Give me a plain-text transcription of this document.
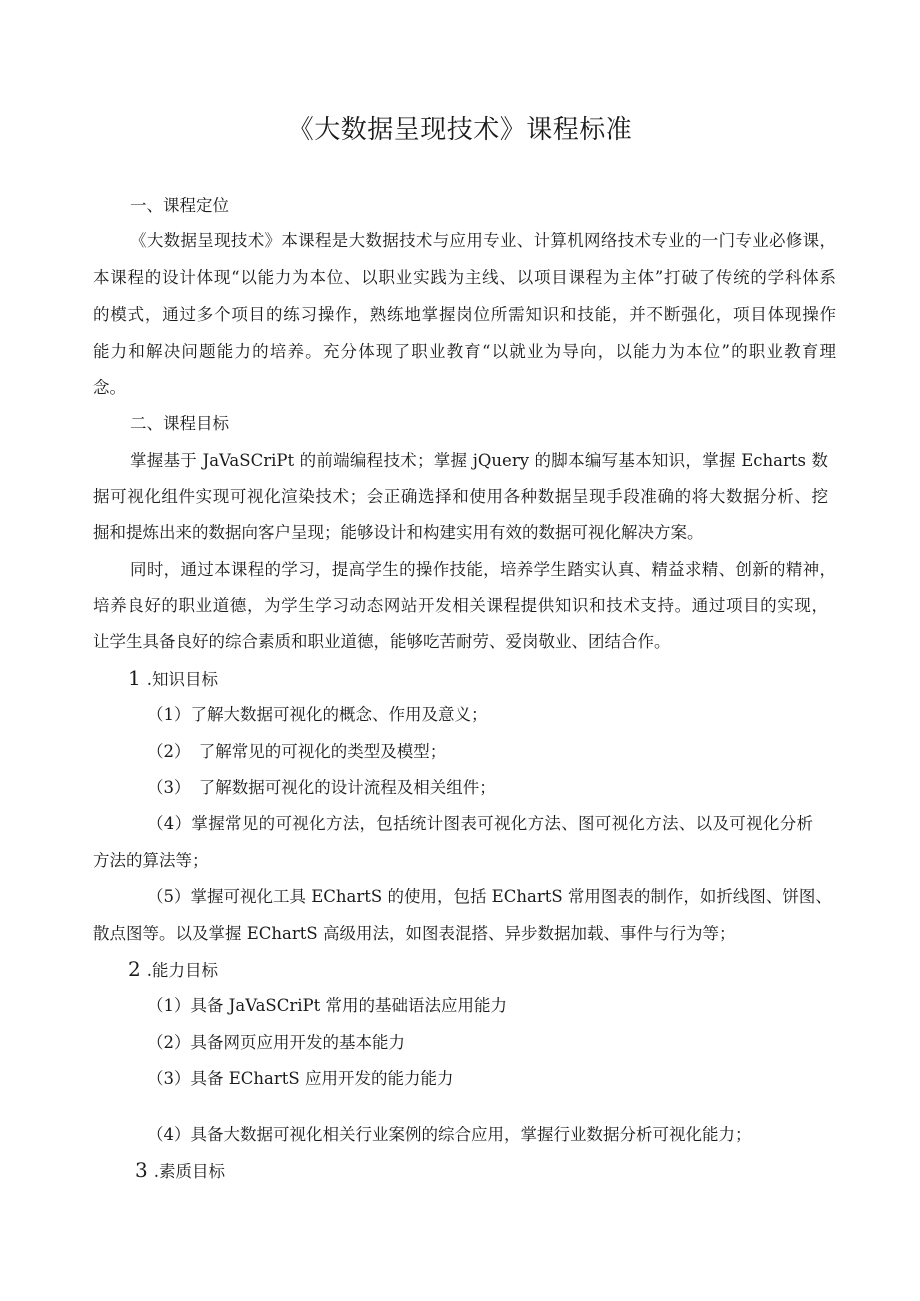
《大数据呈现技术》课程标准
一、课程定位
《大数据呈现技术》本课程是大数据技术与应用专业、计算机网络技术专业的一门专业必修课，
本课程的设计体现“以能力为本位、以职业实践为主线、以项目课程为主体”打破了传统的学科体系
的模式，通过多个项目的练习操作，熟练地掌握岗位所需知识和技能，并不断强化，项目体现操作
能力和解决问题能力的培养。充分体现了职业教育“以就业为导向，以能力为本位”的职业教育理
念。
二、课程目标
掌握基于 JaVaSCriPt 的前端编程技术；掌握 jQuery 的脚本编写基本知识，掌握 Echarts 数
据可视化组件实现可视化渲染技术；会正确选择和使用各种数据呈现手段准确的将大数据分析、挖
掘和提炼出来的数据向客户呈现；能够设计和构建实用有效的数据可视化解决方案。
同时，通过本课程的学习，提高学生的操作技能，培养学生踏实认真、精益求精、创新的精神，
培养良好的职业道德，为学生学习动态网站开发相关课程提供知识和技术支持。通过项目的实现，
让学生具备良好的综合素质和职业道德，能够吃苦耐劳、爱岗敬业、团结合作。
1 .知识目标
（1）了解大数据可视化的概念、作用及意义；
（2）　了解常见的可视化的类型及模型；
（3）　了解数据可视化的设计流程及相关组件；
（4）掌握常见的可视化方法，包括统计图表可视化方法、图可视化方法、以及可视化分析
方法的算法等；
（5）掌握可视化工具 EChartS 的使用，包括 EChartS 常用图表的制作，如折线图、饼图、
散点图等。以及掌握 EChartS 高级用法，如图表混搭、异步数据加载、事件与行为等；
2 .能力目标
（1）具备 JaVaSCriPt 常用的基础语法应用能力
（2）具备网页应用开发的基本能力
（3）具备 EChartS 应用开发的能力能力
（4）具备大数据可视化相关行业案例的综合应用，掌握行业数据分析可视化能力；
3 .素质目标
